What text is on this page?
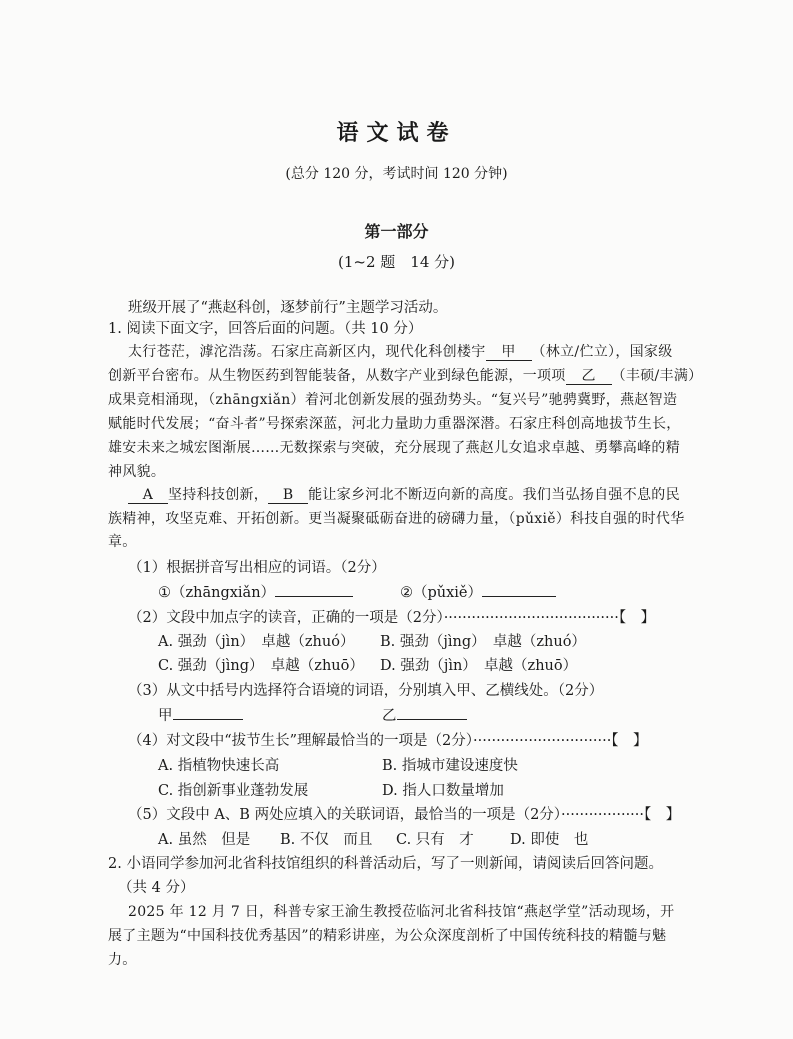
语文试卷
(总分 120 分，考试时间 120 分钟)
第一部分
(1~2 题　14 分)
班级开展了“燕赵科创，逐梦前行”主题学习活动。
1. 阅读下面文字，回答后面的问题。（共 10 分）
太行苍茫，滹沱浩荡。石家庄高新区内，现代化科创楼宇 甲 （林立/伫立），国家级
创新平台密布。从生物医药到智能装备，从数字产业到绿色能源，一项项 乙 （丰硕/丰满）
成果竞相涌现，（zhāngxiǎn）着河北创新发展的强劲势头。“复兴号”驰骋冀野，燕赵智造
赋能时代发展；“奋斗者”号探索深蓝，河北力量助力重器深潜。石家庄科创高地拔节生长，
雄安未来之城宏图渐展……无数探索与突破，充分展现了燕赵儿女追求卓越、勇攀高峰的精
神风貌。
A 坚持科技创新， B 能让家乡河北不断迈向新的高度。我们当弘扬自强不息的民
族精神，攻坚克难、开拓创新。更当凝聚砥砺奋进的磅礴力量，（pǔxiě）科技自强的时代华
章。
（1）根据拼音写出相应的词语。（2分）
①（zhāngxiǎn）	②（pǔxiě）
（2）文段中加点字的读音，正确的一项是（2分）······································【　】
A. 强劲（jìn）　卓越（zhuó） B. 强劲（jìng）　卓越（zhuó）
C. 强劲（jìng）　卓越（zhuō） D. 强劲（jìn）　卓越（zhuō）
（3）从文中括号内选择符合语境的词语，分别填入甲、乙横线处。（2分）
甲	乙
（4）对文段中“拔节生长”理解最恰当的一项是（2分）······························【　】
A. 指植物快速长高	B. 指城市建设速度快
C. 指创新事业蓬勃发展	D. 指人口数量增加
（5）文段中 A、B 两处应填入的关联词语，最恰当的一项是（2分）··················【　】
A. 虽然　但是 B. 不仅　而且 C. 只有　才 D. 即使　也
2. 小语同学参加河北省科技馆组织的科普活动后，写了一则新闻，请阅读后回答问题。
（共 4 分）
2025 年 12 月 7 日，科普专家王渝生教授莅临河北省科技馆“燕赵学堂”活动现场，开
展了主题为“中国科技优秀基因”的精彩讲座，为公众深度剖析了中国传统科技的精髓与魅
力。
